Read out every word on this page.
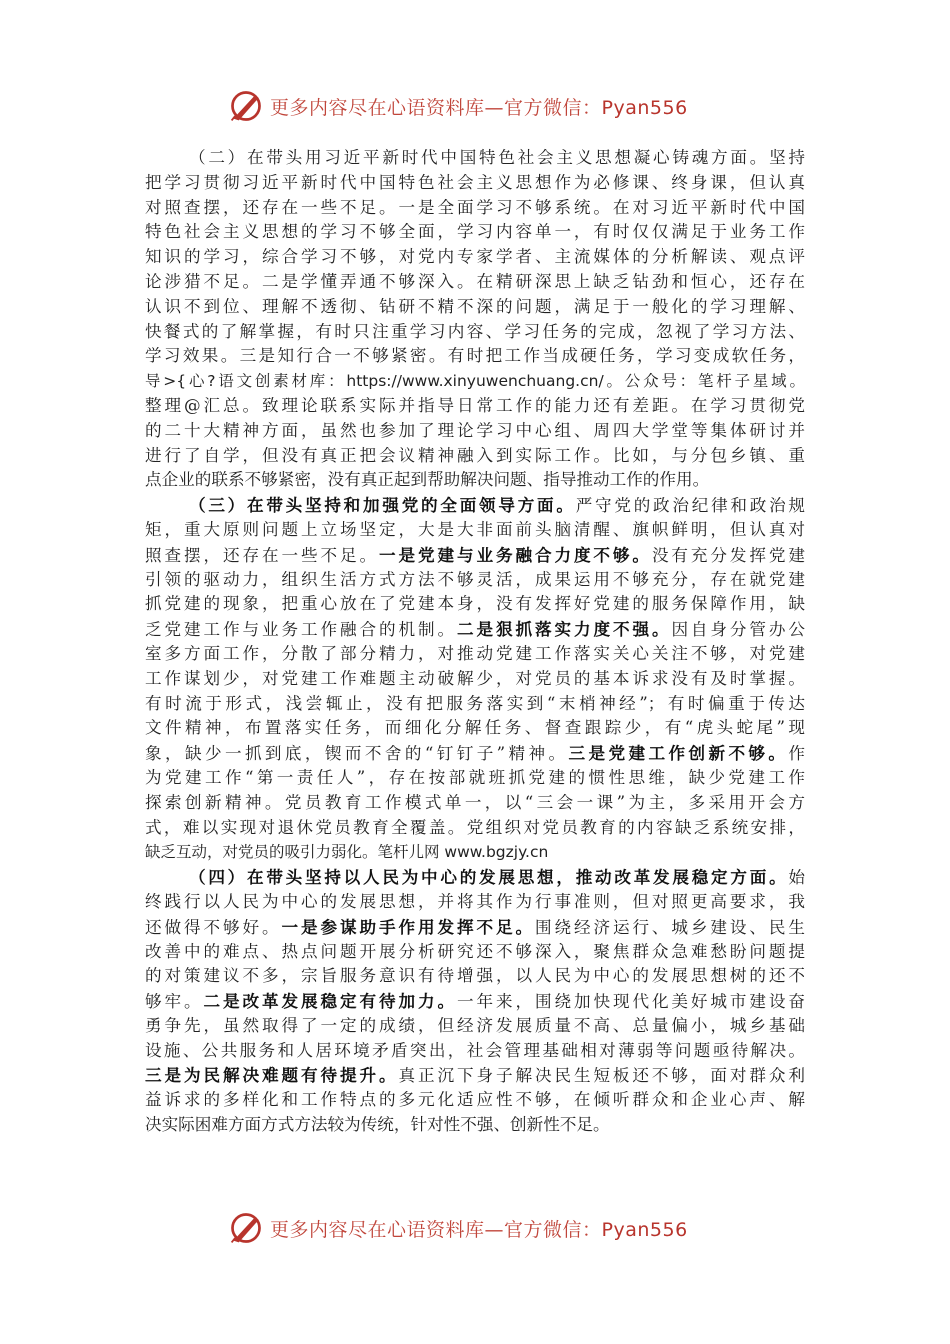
更多内容尽在心语资料库—官方微信：Pyan556

（二）在带头用习近平新时代中国特色社会主义思想凝心铸魂方面。坚持

把学习贯彻习近平新时代中国特色社会主义思想作为必修课、终身课，但认真

对照查摆，还存在一些不足。一是全面学习不够系统。在对习近平新时代中国

特色社会主义思想的学习不够全面，学习内容单一，有时仅仅满足于业务工作

知识的学习，综合学习不够，对党内专家学者、主流媒体的分析解读、观点评

论涉猎不足。二是学懂弄通不够深入。在精研深思上缺乏钻劲和恒心，还存在

认识不到位、理解不透彻、钻研不精不深的问题，满足于一般化的学习理解、

快餐式的了解掌握，有时只注重学习内容、学习任务的完成，忽视了学习方法、

学习效果。三是知行合一不够紧密。有时把工作当成硬任务，学习变成软任务，

导>{心?语文创素材库：https://www.xinyuwenchuang.cn/。公众号：笔杆子星域。

整理@汇总。致理论联系实际并指导日常工作的能力还有差距。在学习贯彻党

的二十大精神方面，虽然也参加了理论学习中心组、周四大学堂等集体研讨并

进行了自学，但没有真正把会议精神融入到实际工作。比如，与分包乡镇、重

点企业的联系不够紧密，没有真正起到帮助解决问题、指导推动工作的作用。

（三）在带头坚持和加强党的全面领导方面。严守党的政治纪律和政治规

矩，重大原则问题上立场坚定，大是大非面前头脑清醒、旗帜鲜明，但认真对

照查摆，还存在一些不足。一是党建与业务融合力度不够。没有充分发挥党建

引领的驱动力，组织生活方式方法不够灵活，成果运用不够充分，存在就党建

抓党建的现象，把重心放在了党建本身，没有发挥好党建的服务保障作用，缺

乏党建工作与业务工作融合的机制。二是狠抓落实力度不强。因自身分管办公

室多方面工作，分散了部分精力，对推动党建工作落实关心关注不够，对党建

工作谋划少，对党建工作难题主动破解少，对党员的基本诉求没有及时掌握。

有时流于形式，浅尝辄止，没有把服务落实到“末梢神经”；有时偏重于传达

文件精神，布置落实任务，而细化分解任务、督查跟踪少，有“虎头蛇尾”现

象，缺少一抓到底，锲而不舍的“钉钉子”精神。三是党建工作创新不够。作

为党建工作“第一责任人”，存在按部就班抓党建的惯性思维，缺少党建工作

探索创新精神。党员教育工作模式单一，以“三会一课”为主，多采用开会方

式，难以实现对退休党员教育全覆盖。党组织对党员教育的内容缺乏系统安排，

缺乏互动，对党员的吸引力弱化。笔杆儿网 www.bgzjy.cn

（四）在带头坚持以人民为中心的发展思想，推动改革发展稳定方面。始

终践行以人民为中心的发展思想，并将其作为行事准则，但对照更高要求，我

还做得不够好。一是参谋助手作用发挥不足。围绕经济运行、城乡建设、民生

改善中的难点、热点问题开展分析研究还不够深入，聚焦群众急难愁盼问题提

的对策建议不多，宗旨服务意识有待增强，以人民为中心的发展思想树的还不

够牢。二是改革发展稳定有待加力。一年来，围绕加快现代化美好城市建设奋

勇争先，虽然取得了一定的成绩，但经济发展质量不高、总量偏小，城乡基础

设施、公共服务和人居环境矛盾突出，社会管理基础相对薄弱等问题亟待解决。

三是为民解决难题有待提升。真正沉下身子解决民生短板还不够，面对群众利

益诉求的多样化和工作特点的多元化适应性不够，在倾听群众和企业心声、解

决实际困难方面方式方法较为传统，针对性不强、创新性不足。

更多内容尽在心语资料库—官方微信：Pyan556
